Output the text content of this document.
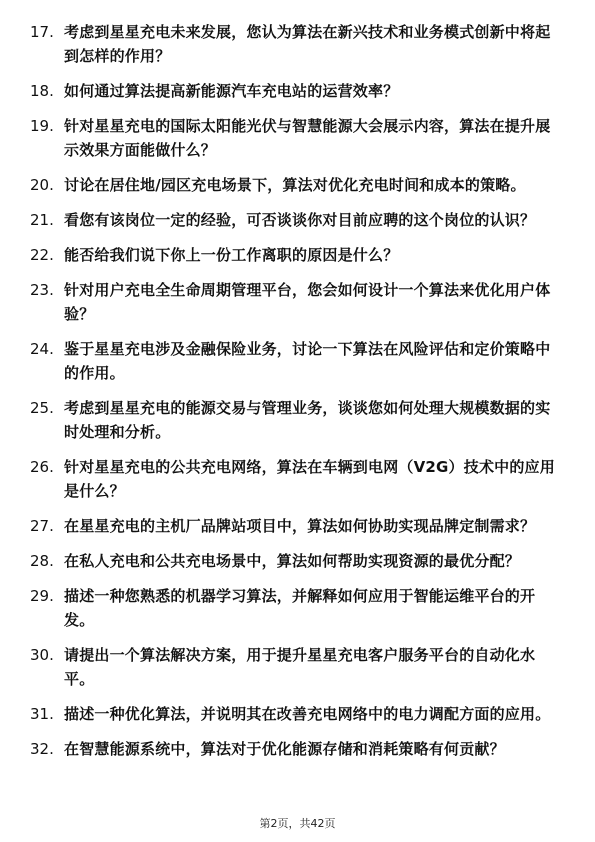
17. 考虑到星星充电未来发展，您认为算法在新兴技术和业务模式创新中将起到怎样的作用？
18. 如何通过算法提高新能源汽车充电站的运营效率？
19. 针对星星充电的国际太阳能光伏与智慧能源大会展示内容，算法在提升展示效果方面能做什么？
20. 讨论在居住地/园区充电场景下，算法对优化充电时间和成本的策略。
21. 看您有该岗位一定的经验，可否谈谈你对目前应聘的这个岗位的认识？
22. 能否给我们说下你上一份工作离职的原因是什么？
23. 针对用户充电全生命周期管理平台，您会如何设计一个算法来优化用户体验？
24. 鉴于星星充电涉及金融保险业务，讨论一下算法在风险评估和定价策略中的作用。
25. 考虑到星星充电的能源交易与管理业务，谈谈您如何处理大规模数据的实时处理和分析。
26. 针对星星充电的公共充电网络，算法在车辆到电网（V2G）技术中的应用是什么？
27. 在星星充电的主机厂品牌站项目中，算法如何协助实现品牌定制需求？
28. 在私人充电和公共充电场景中，算法如何帮助实现资源的最优分配？
29. 描述一种您熟悉的机器学习算法，并解释如何应用于智能运维平台的开发。
30. 请提出一个算法解决方案，用于提升星星充电客户服务平台的自动化水平。
31. 描述一种优化算法，并说明其在改善充电网络中的电力调配方面的应用。
32. 在智慧能源系统中，算法对于优化能源存储和消耗策略有何贡献？
第2页，共42页
